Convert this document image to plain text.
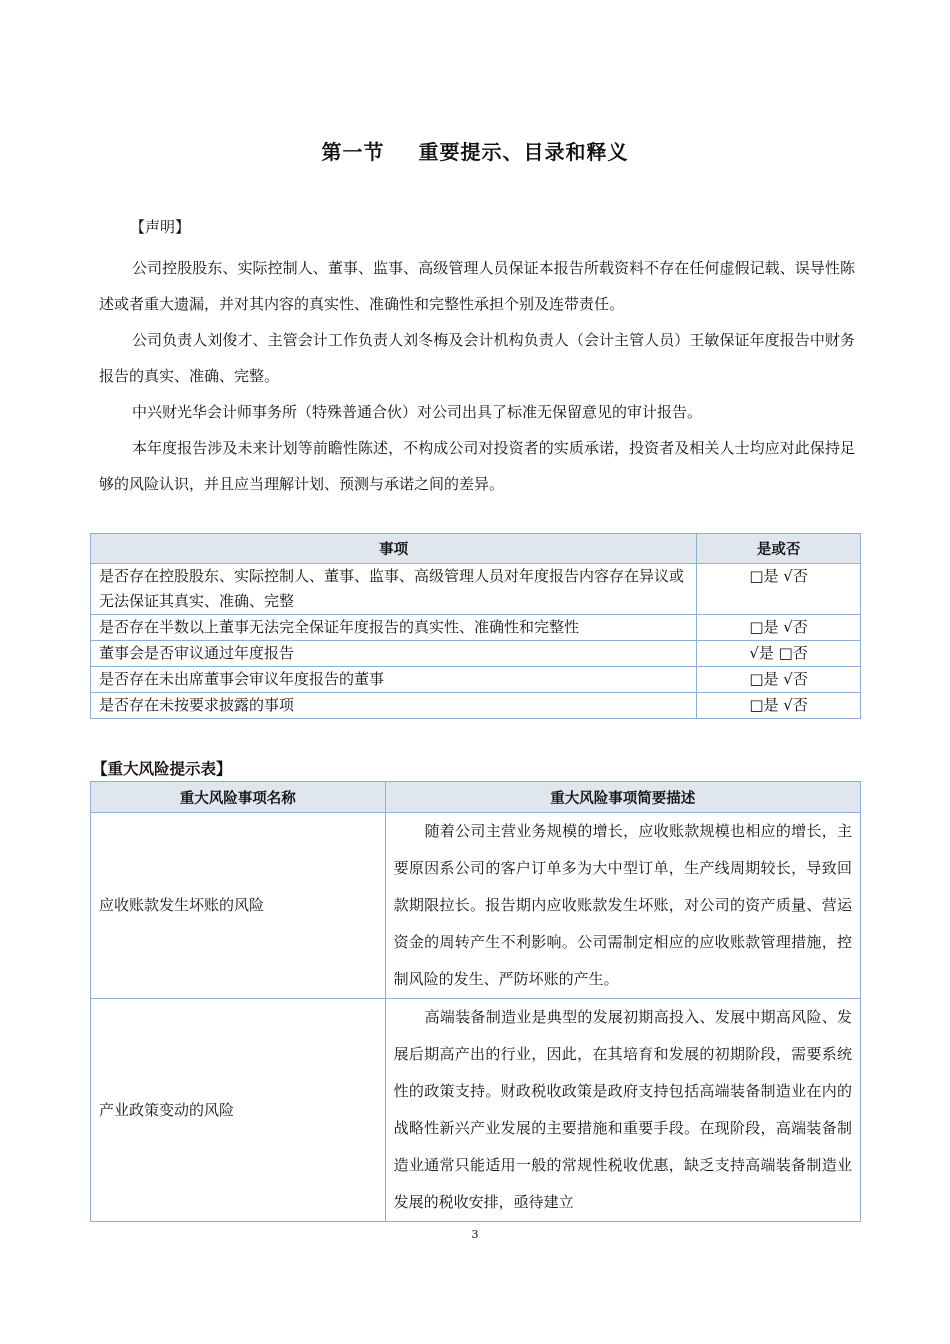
第一节 重要提示、目录和释义
【声明】
公司控股股东、实际控制人、董事、监事、高级管理人员保证本报告所载资料不存在任何虚假记载、误导性陈述或者重大遗漏，并对其内容的真实性、准确性和完整性承担个别及连带责任。
公司负责人刘俊才、主管会计工作负责人刘冬梅及会计机构负责人（会计主管人员）王敏保证年度报告中财务报告的真实、准确、完整。
中兴财光华会计师事务所（特殊普通合伙）对公司出具了标准无保留意见的审计报告。
本年度报告涉及未来计划等前瞻性陈述，不构成公司对投资者的实质承诺，投资者及相关人士均应对此保持足够的风险认识，并且应当理解计划、预测与承诺之间的差异。
事项	是或否
是否存在控股股东、实际控制人、董事、监事、高级管理人员对年度报告内容存在异议或无法保证其真实、准确、完整	□是 √否
是否存在半数以上董事无法完全保证年度报告的真实性、准确性和完整性	□是 √否
董事会是否审议通过年度报告	√是 □否
是否存在未出席董事会审议年度报告的董事	□是 √否
是否存在未按要求披露的事项	□是 √否
【重大风险提示表】
重大风险事项名称	重大风险事项简要描述
应收账款发生坏账的风险	随着公司主营业务规模的增长，应收账款规模也相应的增长，主要原因系公司的客户订单多为大中型订单，生产线周期较长，导致回款期限拉长。报告期内应收账款发生坏账，对公司的资产质量、营运资金的周转产生不利影响。公司需制定相应的应收账款管理措施，控制风险的发生、严防坏账的产生。
产业政策变动的风险	高端装备制造业是典型的发展初期高投入、发展中期高风险、发展后期高产出的行业，因此，在其培育和发展的初期阶段，需要系统性的政策支持。财政税收政策是政府支持包括高端装备制造业在内的战略性新兴产业发展的主要措施和重要手段。在现阶段，高端装备制造业通常只能适用一般的常规性税收优惠，缺乏支持高端装备制造业发展的税收安排，亟待建立
3
